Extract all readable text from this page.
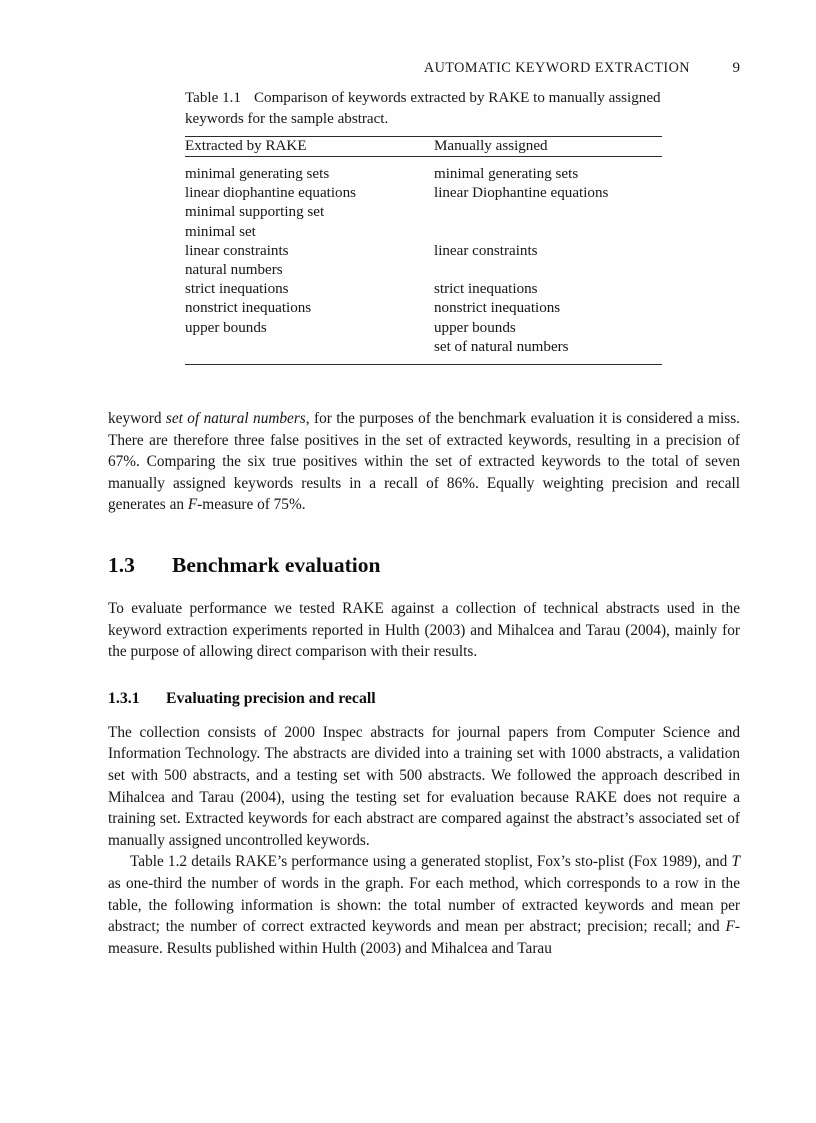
AUTOMATIC KEYWORD EXTRACTION	9
Table 1.1 Comparison of keywords extracted by RAKE to manually assigned keywords for the sample abstract.
Extracted by RAKE	Manually assigned

minimal generating sets	minimal generating sets
linear diophantine equations	linear Diophantine equations
minimal supporting set	
minimal set	
linear constraints	linear constraints
natural numbers	
strict inequations	strict inequations
nonstrict inequations	nonstrict inequations
upper bounds	upper bounds
	set of natural numbers

keyword set of natural numbers, for the purposes of the benchmark evaluation it is considered a miss. There are therefore three false positives in the set of extracted keywords, resulting in a precision of 67%. Comparing the six true positives within the set of extracted keywords to the total of seven manually assigned keywords results in a recall of 86%. Equally weighting precision and recall generates an F-measure of 75%.

1.3	Benchmark evaluation

To evaluate performance we tested RAKE against a collection of technical abstracts used in the keyword extraction experiments reported in Hulth (2003) and Mihalcea and Tarau (2004), mainly for the purpose of allowing direct comparison with their results.

1.3.1	Evaluating precision and recall

The collection consists of 2000 Inspec abstracts for journal papers from Computer Science and Information Technology. The abstracts are divided into a training set with 1000 abstracts, a validation set with 500 abstracts, and a testing set with 500 abstracts. We followed the approach described in Mihalcea and Tarau (2004), using the testing set for evaluation because RAKE does not require a training set. Extracted keywords for each abstract are compared against the abstract’s associated set of manually assigned uncontrolled keywords.

Table 1.2 details RAKE’s performance using a generated stoplist, Fox’s sto-plist (Fox 1989), and T as one-third the number of words in the graph. For each method, which corresponds to a row in the table, the following information is shown: the total number of extracted keywords and mean per abstract; the number of correct extracted keywords and mean per abstract; precision; recall; and F-measure. Results published within Hulth (2003) and Mihalcea and Tarau
